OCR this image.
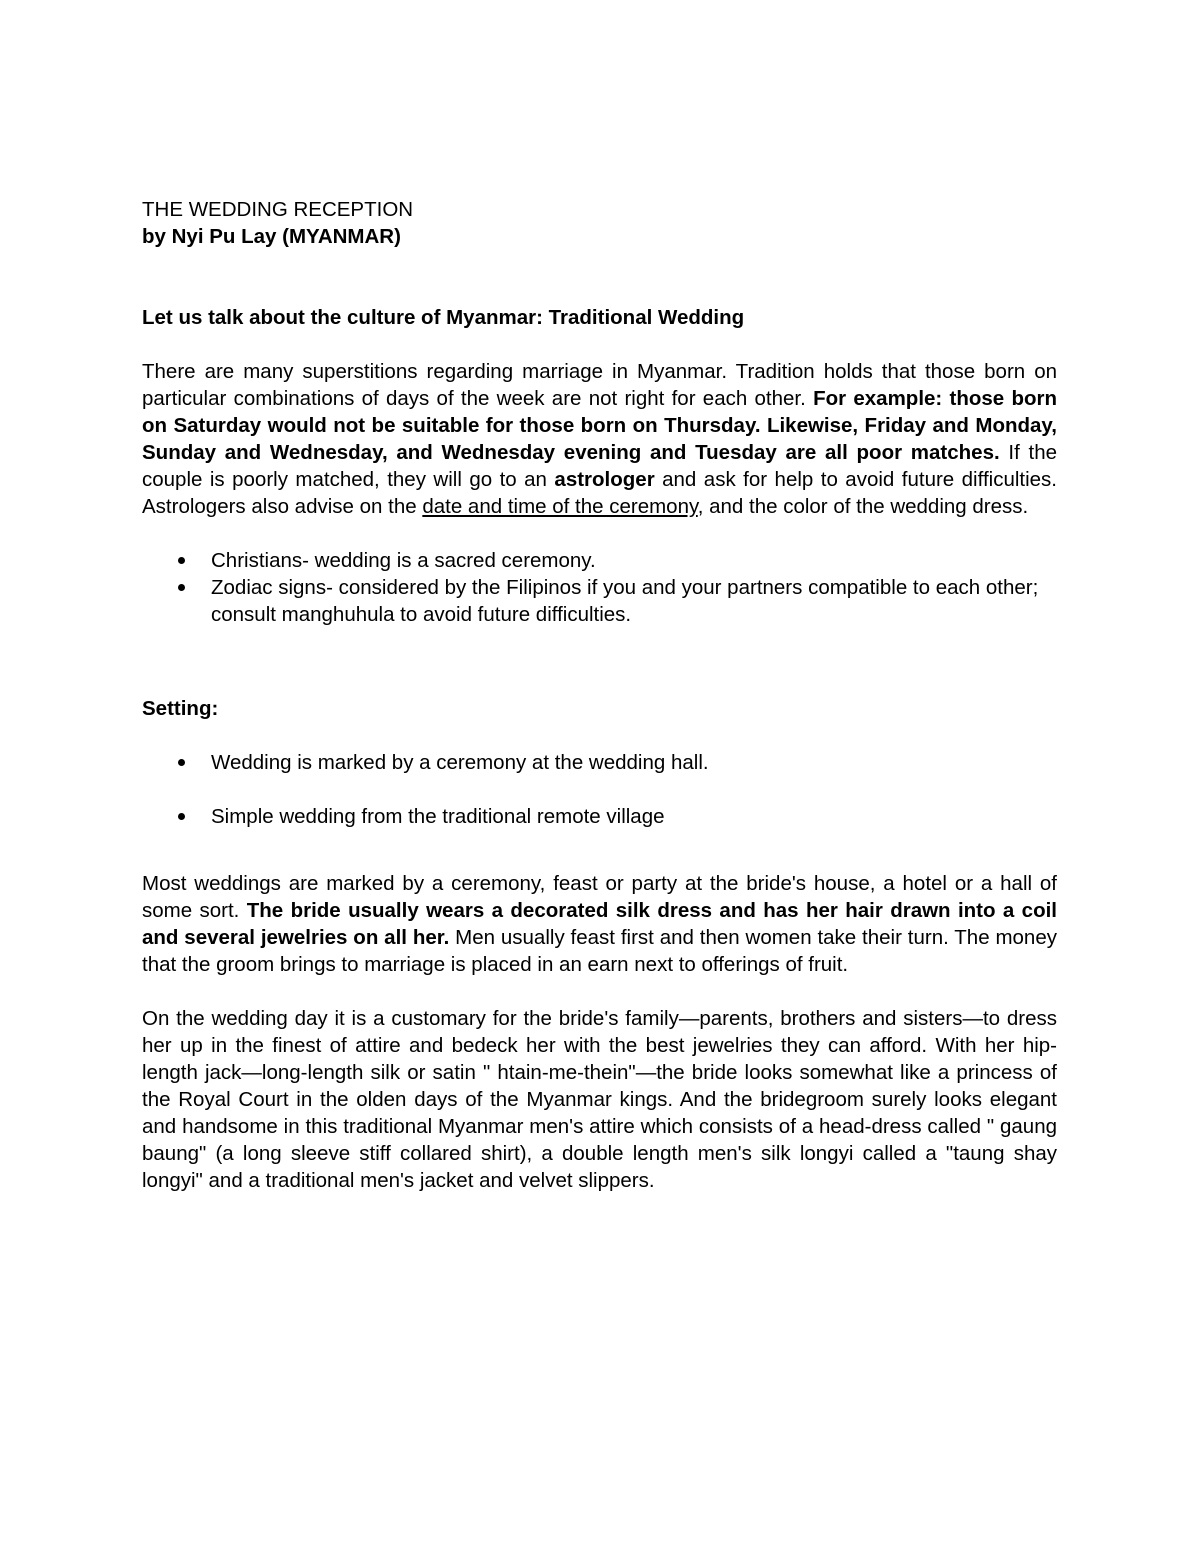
THE WEDDING RECEPTION

by Nyi Pu Lay (MYANMAR)

Let us talk about the culture of Myanmar: Traditional Wedding

There are many superstitions regarding marriage in Myanmar. Tradition holds that those born on particular combinations of days of the week are not right for each other. For example: those born on Saturday would not be suitable for those born on Thursday. Likewise, Friday and Monday, Sunday and Wednesday, and Wednesday evening and Tuesday are all poor matches. If the couple is poorly matched, they will go to an astrologer and ask for help to avoid future difficulties. Astrologers also advise on the date and time of the ceremony, and the color of the wedding dress.

Christians- wedding is a sacred ceremony.
Zodiac signs- considered by the Filipinos if you and your partners compatible to each other; consult manghuhula to avoid future difficulties.

Setting:

Wedding is marked by a ceremony at the wedding hall.
Simple wedding from the traditional remote village

Most weddings are marked by a ceremony, feast or party at the bride's house, a hotel or a hall of some sort. The bride usually wears a decorated silk dress and has her hair drawn into a coil and several jewelries on all her. Men usually feast first and then women take their turn. The money that the groom brings to marriage is placed in an earn next to offerings of fruit.

On the wedding day it is a customary for the bride's family—parents, brothers and sisters—to dress her up in the finest of attire and bedeck her with the best jewelries they can afford. With her hip-length jack—long-length silk or satin " htain-me-thein"—the bride looks somewhat like a princess of the Royal Court in the olden days of the Myanmar kings. And the bridegroom surely looks elegant and handsome in this traditional Myanmar men's attire which consists of a head-dress called " gaung baung" (a long sleeve stiff collared shirt), a double length men's silk longyi called a "taung shay longyi" and a traditional men's jacket and velvet slippers.
